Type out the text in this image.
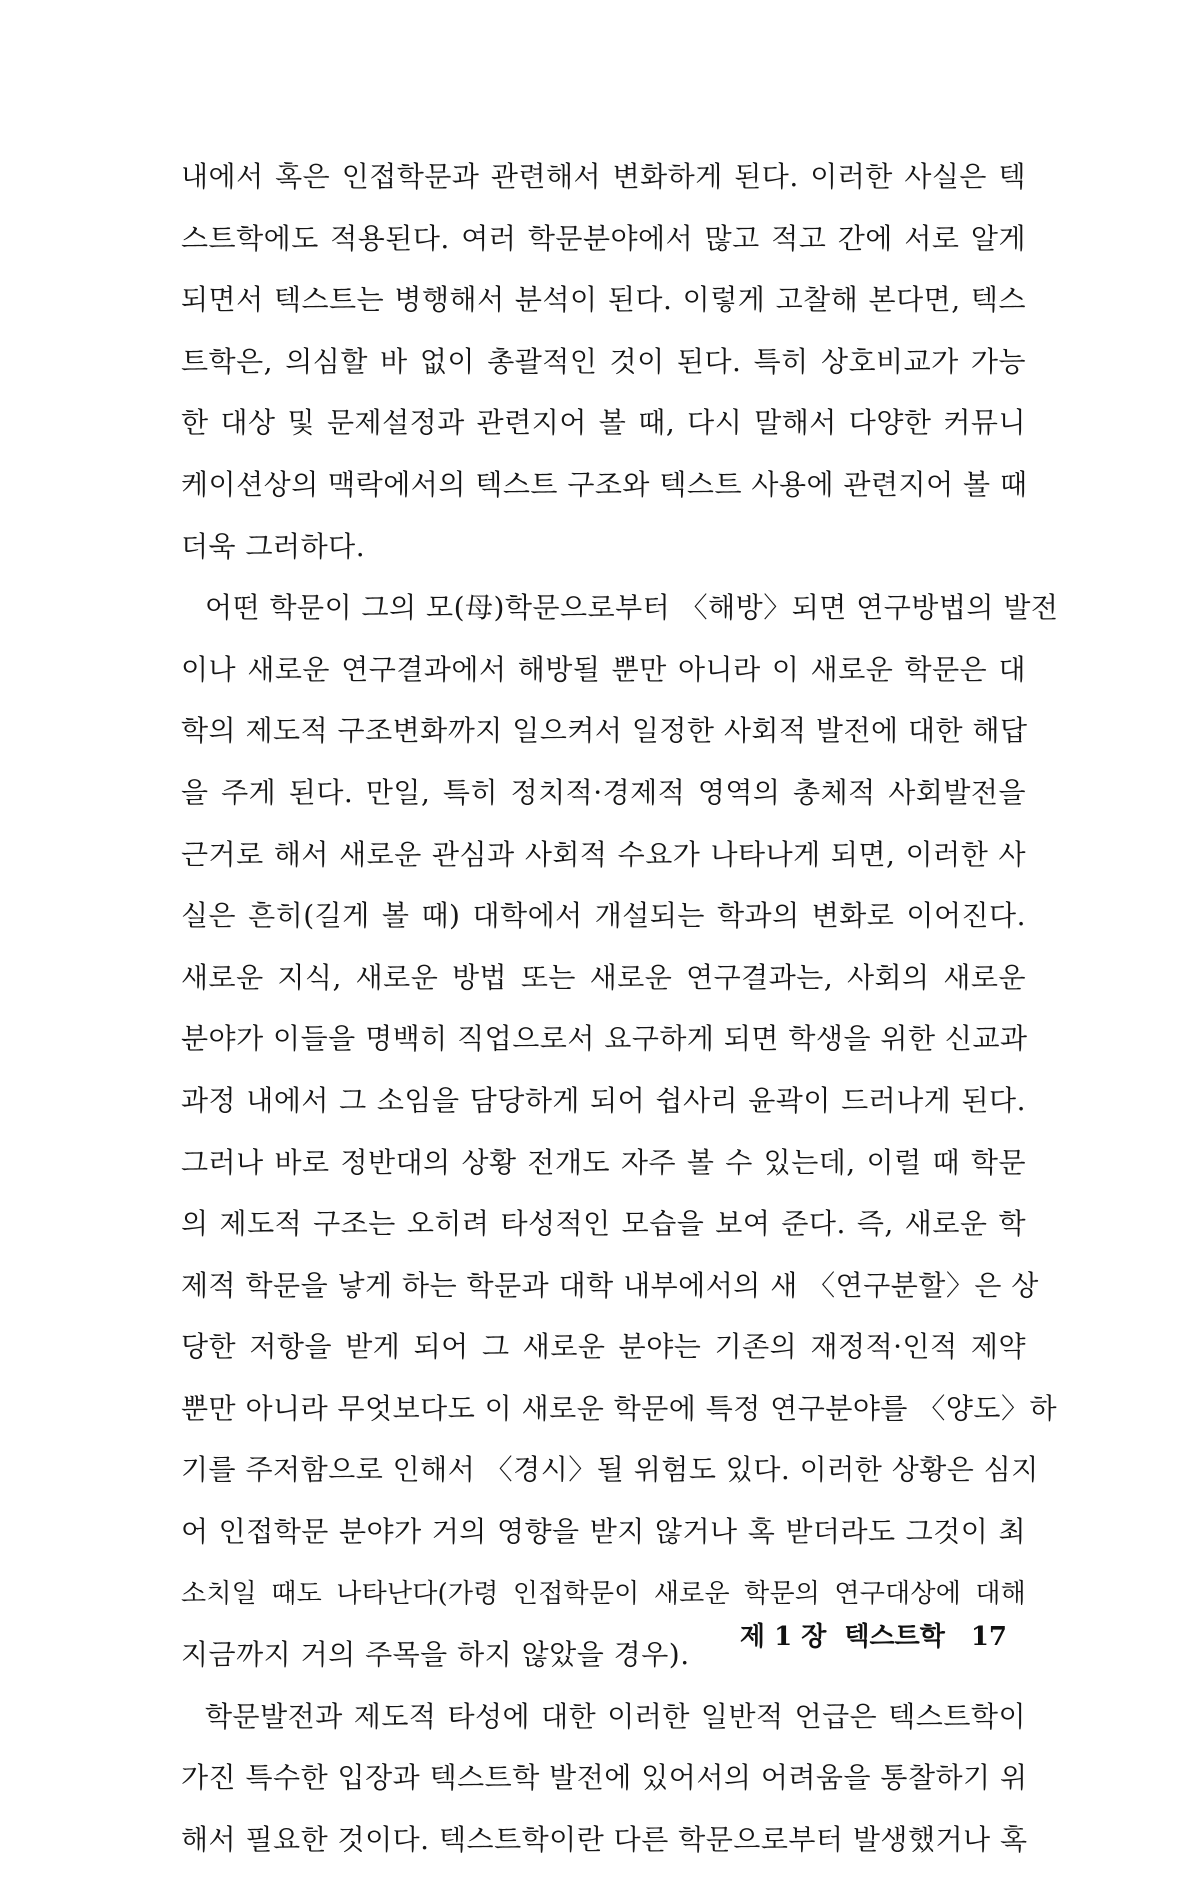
내에서 혹은 인접학문과 관련해서 변화하게 된다. 이러한 사실은 텍
스트학에도 적용된다. 여러 학문분야에서 많고 적고 간에 서로 알게
되면서 텍스트는 병행해서 분석이 된다. 이렇게 고찰해 본다면, 텍스
트학은, 의심할 바 없이 총괄적인 것이 된다. 특히 상호비교가 가능
한 대상 및 문제설정과 관련지어 볼 때, 다시 말해서 다양한 커뮤니
케이션상의 맥락에서의 텍스트 구조와 텍스트 사용에 관련지어 볼 때
더욱 그러하다.
어떤 학문이 그의 모(母)학문으로부터 〈해방〉되면 연구방법의 발전
이나 새로운 연구결과에서 해방될 뿐만 아니라 이 새로운 학문은 대
학의 제도적 구조변화까지 일으켜서 일정한 사회적 발전에 대한 해답
을 주게 된다. 만일, 특히 정치적·경제적 영역의 총체적 사회발전을
근거로 해서 새로운 관심과 사회적 수요가 나타나게 되면, 이러한 사
실은 흔히(길게 볼 때) 대학에서 개설되는 학과의 변화로 이어진다.
새로운 지식, 새로운 방법 또는 새로운 연구결과는, 사회의 새로운
분야가 이들을 명백히 직업으로서 요구하게 되면 학생을 위한 신교과
과정 내에서 그 소임을 담당하게 되어 쉽사리 윤곽이 드러나게 된다.
그러나 바로 정반대의 상황 전개도 자주 볼 수 있는데, 이럴 때 학문
의 제도적 구조는 오히려 타성적인 모습을 보여 준다. 즉, 새로운 학
제적 학문을 낳게 하는 학문과 대학 내부에서의 새 〈연구분할〉은 상
당한 저항을 받게 되어 그 새로운 분야는 기존의 재정적·인적 제약
뿐만 아니라 무엇보다도 이 새로운 학문에 특정 연구분야를 〈양도〉하
기를 주저함으로 인해서 〈경시〉될 위험도 있다. 이러한 상황은 심지
어 인접학문 분야가 거의 영향을 받지 않거나 혹 받더라도 그것이 최
소치일 때도 나타난다(가령 인접학문이 새로운 학문의 연구대상에 대해
지금까지 거의 주목을 하지 않았을 경우).
학문발전과 제도적 타성에 대한 이러한 일반적 언급은 텍스트학이
가진 특수한 입장과 텍스트학 발전에 있어서의 어려움을 통찰하기 위
해서 필요한 것이다. 텍스트학이란 다른 학문으로부터 발생했거나 혹
제 1 장 텍스트학 17
